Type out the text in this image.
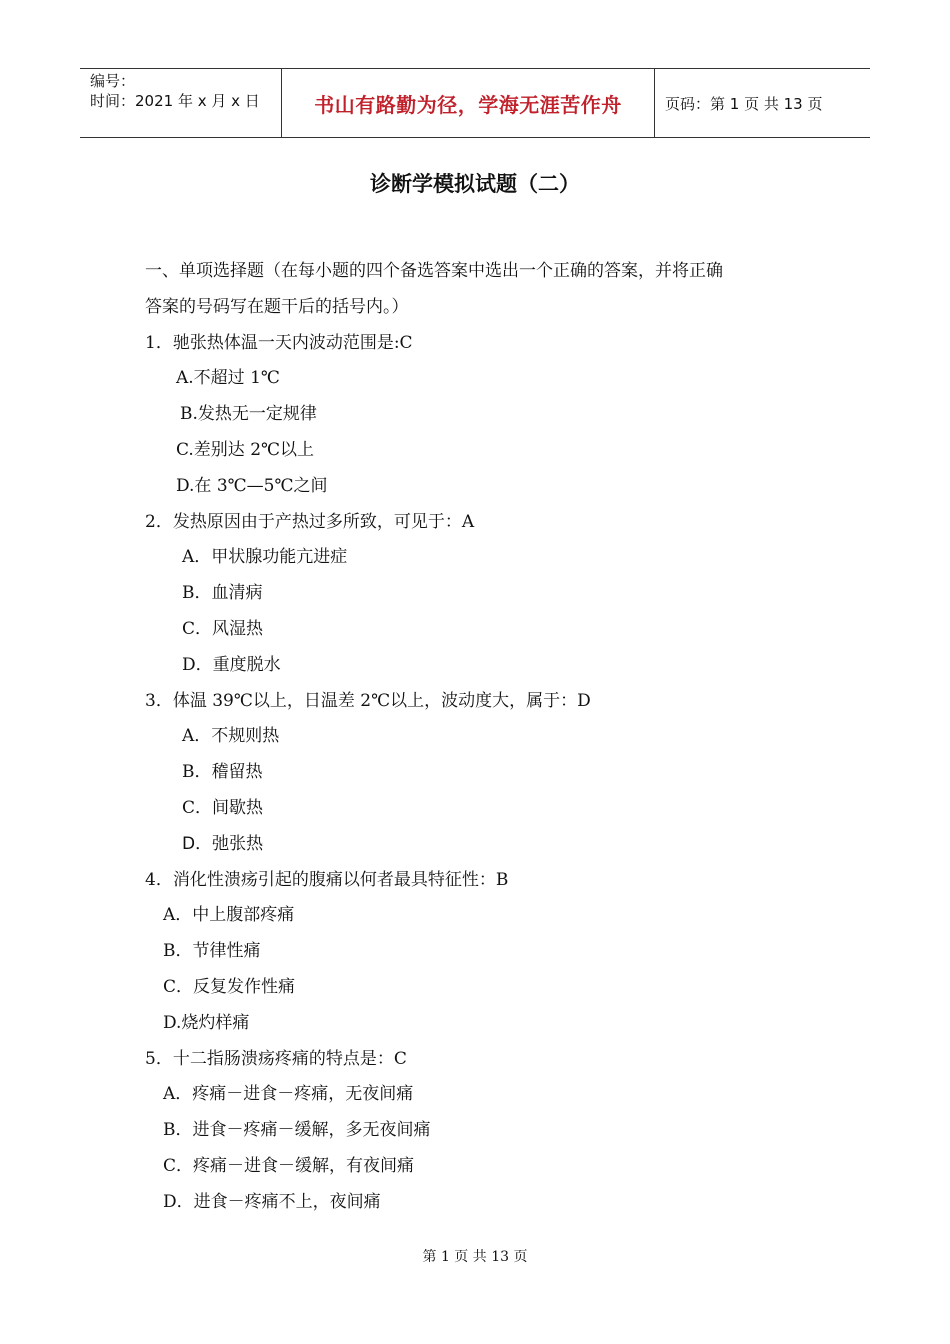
编号：
时间：2021 年 x 月 x 日	书山有路勤为径，学海无涯苦作舟	页码：第 1 页 共 13 页
诊断学模拟试题（二）
一、单项选择题（在每小题的四个备选答案中选出一个正确的答案，并将正确
答案的号码写在题干后的括号内。）
1．驰张热体温一天内波动范围是:C
A.不超过 1℃
B.发热无一定规律
C.差别达 2℃以上
D.在 3℃—5℃之间
2．发热原因由于产热过多所致，可见于：A
A．甲状腺功能亢进症
B．血清病
C．风湿热
D．重度脱水
3．体温 39℃以上，日温差 2℃以上，波动度大，属于：D
A．不规则热
B．稽留热
C．间歇热
D．弛张热
4．消化性溃疡引起的腹痛以何者最具特征性：B
A．中上腹部疼痛
B．节律性痛
C．反复发作性痛
D.烧灼样痛
5．十二指肠溃疡疼痛的特点是：C
A．疼痛－进食－疼痛，无夜间痛
B．进食－疼痛－缓解，多无夜间痛
C．疼痛－进食－缓解，有夜间痛
D．进食－疼痛不上，夜间痛
第 1 页 共 13 页
